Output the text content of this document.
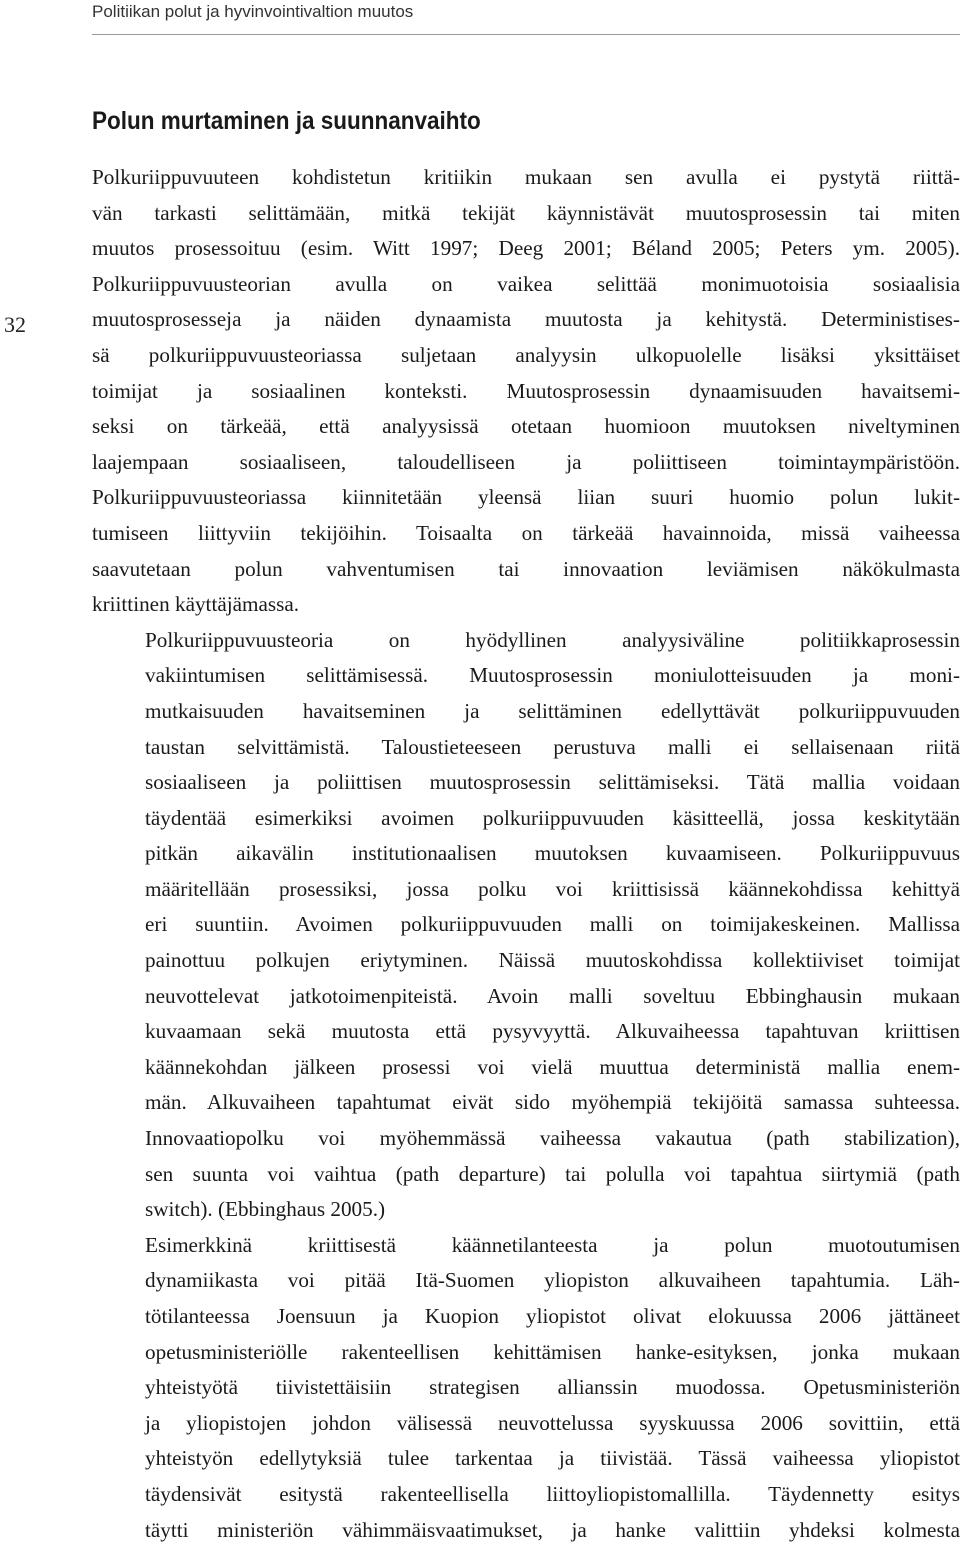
Politiikan polut ja hyvinvointivaltion muutos
32
Polun murtaminen ja suunnanvaihto

Polkuriippuvuuteen kohdistetun kritiikin mukaan sen avulla ei pystytä riittä-
vän tarkasti selittämään, mitkä tekijät käynnistävät muutosprosessin tai miten
muutos prosessoituu (esim. Witt 1997; Deeg 2001; Béland 2005; Peters ym. 2005).
Polkuriippuvuusteorian avulla on vaikea selittää monimuotoisia sosiaalisia
muutosprosesseja ja näiden dynaamista muutosta ja kehitystä. Deterministises-
sä polkuriippuvuusteoriassa suljetaan analyysin ulkopuolelle lisäksi yksittäiset
toimijat ja sosiaalinen konteksti. Muutosprosessin dynaamisuuden havaitsemi-
seksi on tärkeää, että analyysissä otetaan huomioon muutoksen niveltyminen
laajempaan sosiaaliseen, taloudelliseen ja poliittiseen toimintaympäristöön.
Polkuriippuvuusteoriassa kiinnitetään yleensä liian suuri huomio polun lukit-
tumiseen liittyviin tekijöihin. Toisaalta on tärkeää havainnoida, missä vaiheessa
saavutetaan polun vahventumisen tai innovaation leviämisen näkökulmasta
kriittinen käyttäjämassa.

Polkuriippuvuusteoria on hyödyllinen analyysiväline politiikkaprosessin
vakiintumisen selittämisessä. Muutosprosessin moniulotteisuuden ja moni-
mutkaisuuden havaitseminen ja selittäminen edellyttävät polkuriippuvuuden
taustan selvittämistä. Taloustieteeseen perustuva malli ei sellaisenaan riitä
sosiaaliseen ja poliittisen muutosprosessin selittämiseksi. Tätä mallia voidaan
täydentää esimerkiksi avoimen polkuriippuvuuden käsitteellä, jossa keskitytään
pitkän aikavälin institutionaalisen muutoksen kuvaamiseen. Polkuriippuvuus
määritellään prosessiksi, jossa polku voi kriittisissä käännekohdissa kehittyä
eri suuntiin. Avoimen polkuriippuvuuden malli on toimijakeskeinen. Mallissa
painottuu polkujen eriytyminen. Näissä muutoskohdissa kollektiiviset toimijat
neuvottelevat jatkotoimenpiteistä. Avoin malli soveltuu Ebbinghausin mukaan
kuvaamaan sekä muutosta että pysyvyyttä. Alkuvaiheessa tapahtuvan kriittisen
käännekohdan jälkeen prosessi voi vielä muuttua deterministä mallia enem-
män. Alkuvaiheen tapahtumat eivät sido myöhempiä tekijöitä samassa suhteessa.
Innovaatiopolku voi myöhemmässä vaiheessa vakautua (path stabilization),
sen suunta voi vaihtua (path departure) tai polulla voi tapahtua siirtymiä (path
switch). (Ebbinghaus 2005.)

Esimerkkinä kriittisestä käännetilanteesta ja polun muotoutumisen
dynamiikasta voi pitää Itä-Suomen yliopiston alkuvaiheen tapahtumia. Läh-
tötilanteessa Joensuun ja Kuopion yliopistot olivat elokuussa 2006 jättäneet
opetusministeriölle rakenteellisen kehittämisen hanke-esityksen, jonka mukaan
yhteistyötä tiivistettäisiin strategisen allianssin muodossa. Opetusministeriön
ja yliopistojen johdon välisessä neuvottelussa syyskuussa 2006 sovittiin, että
yhteistyön edellytyksiä tulee tarkentaa ja tiivistää. Tässä vaiheessa yliopistot
täydensivät esitystä rakenteellisella liittoyliopistomallilla. Täydennetty esitys
täytti ministeriön vähimmäisvaatimukset, ja hanke valittiin yhdeksi kolmesta
